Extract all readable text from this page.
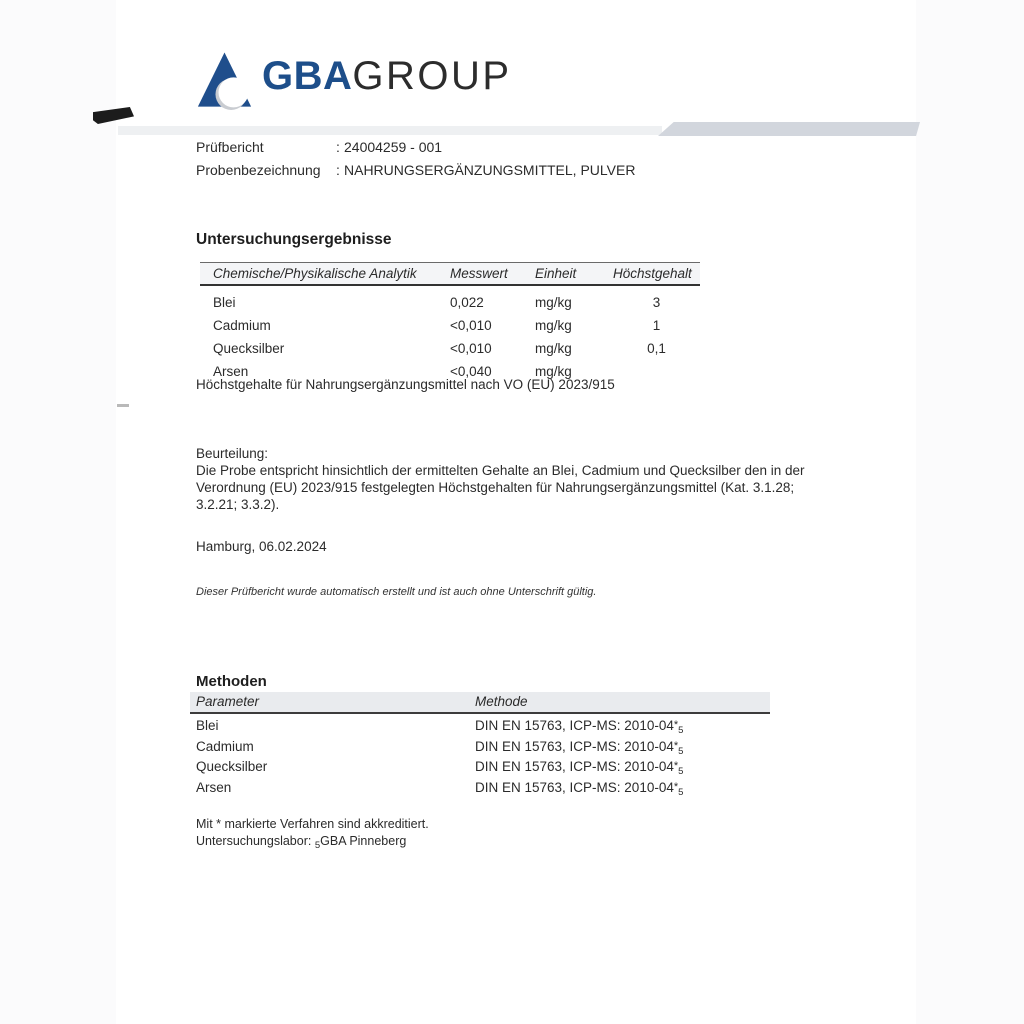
GBAGROUP
Prüfbericht	: 24004259 - 001
Probenbezeichnung	: NAHRUNGSERGÄNZUNGSMITTEL, PULVER
Untersuchungsergebnisse
Chemische/Physikalische Analytik	Messwert	Einheit	Höchstgehalt
Blei	0,022	mg/kg	3
Cadmium	<0,010	mg/kg	1
Quecksilber	<0,010	mg/kg	0,1
Arsen	<0,040	mg/kg
Höchstgehalte für Nahrungsergänzungsmittel nach VO (EU) 2023/915
Beurteilung:
Die Probe entspricht hinsichtlich der ermittelten Gehalte an Blei, Cadmium und Quecksilber den in der Verordnung (EU) 2023/915 festgelegten Höchstgehalten für Nahrungsergänzungsmittel (Kat. 3.1.28; 3.2.21; 3.3.2).
Hamburg, 06.02.2024
Dieser Prüfbericht wurde automatisch erstellt und ist auch ohne Unterschrift gültig.
Methoden
Parameter	Methode
Blei	DIN EN 15763, ICP-MS: $2010-04*_5$
Cadmium	DIN EN 15763, ICP-MS: $2010-04*_5$
Quecksilber	DIN EN 15763, ICP-MS: $2010-04*_5$
Arsen	DIN EN 15763, ICP-MS: $2010-04*_5$
Mit * markierte Verfahren sind akkreditiert.
Untersuchungslabor: $_5$GBA Pinneberg
